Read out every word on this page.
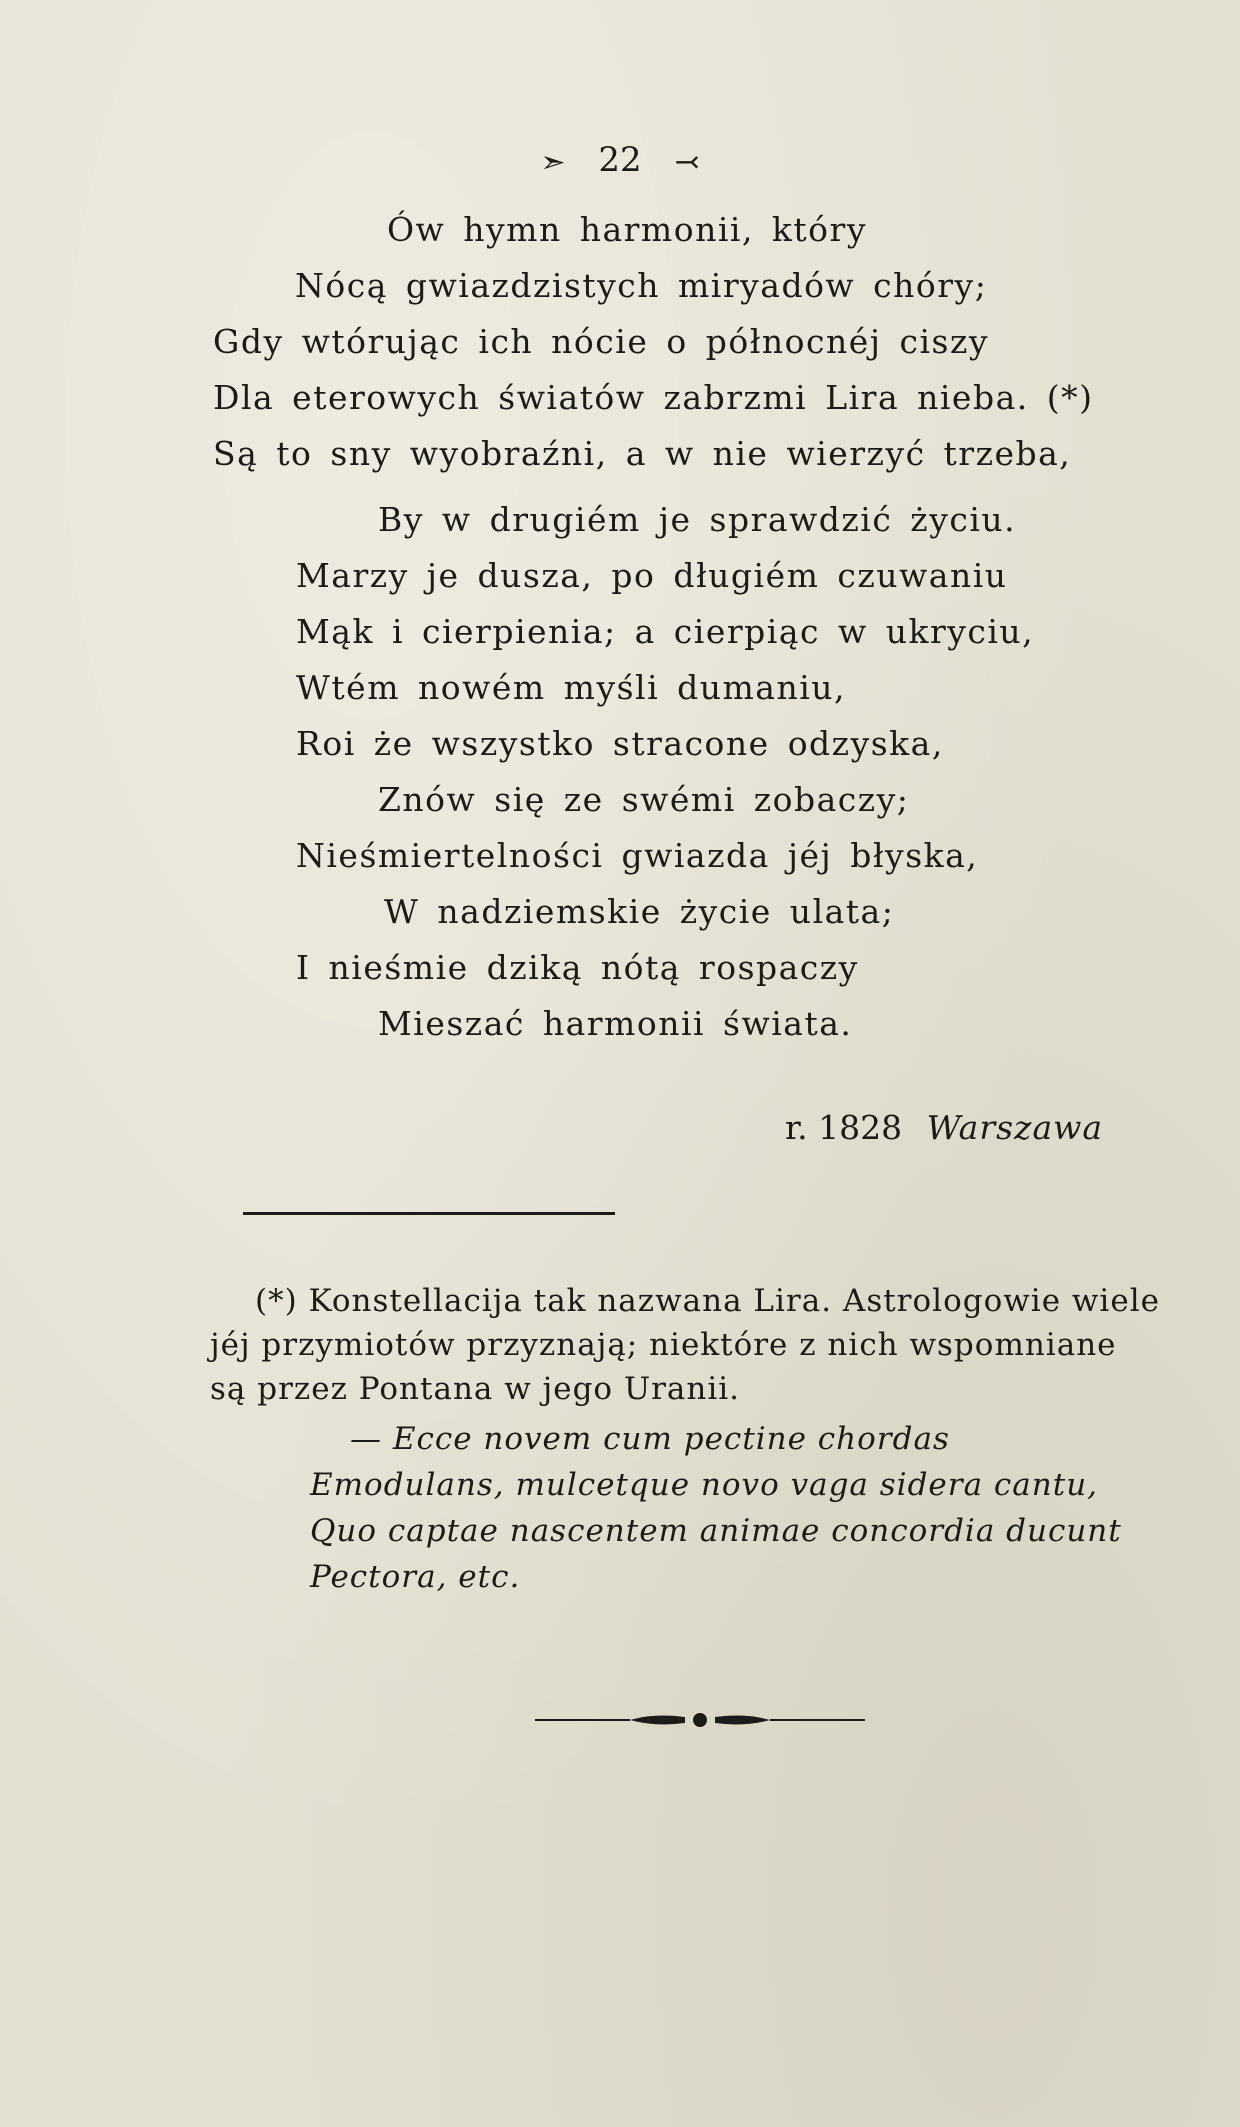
➣ 22 ⤙
Ów hymn harmonii, który
Nócą gwiazdzistych miryadów chóry;
Gdy wtórując ich nócie o północnéj ciszy
Dla eterowych światów zabrzmi Lira nieba. (*)
Są to sny wyobraźni, a w nie wierzyć trzeba,
By w drugiém je sprawdzić życiu.
Marzy je dusza, po długiém czuwaniu
Mąk i cierpienia; a cierpiąc w ukryciu,
Wtém nowém myśli dumaniu,
Roi że wszystko stracone odzyska,
Znów się ze swémi zobaczy;
Nieśmiertelności gwiazda jéj błyska,
W nadziemskie życie ulata;
I nieśmie dziką nótą rospaczy
Mieszać harmonii świata.
r. 1828 Warszawa
(*) Konstellacija tak nazwana Lira. Astrologowie wiele
jéj przymiotów przyznają; niektóre z nich wspomniane
są przez Pontana w jego Uranii.
— Ecce novem cum pectine chordas
Emodulans, mulcetque novo vaga sidera cantu,
Quo captae nascentem animae concordia ducunt
Pectora, etc.
